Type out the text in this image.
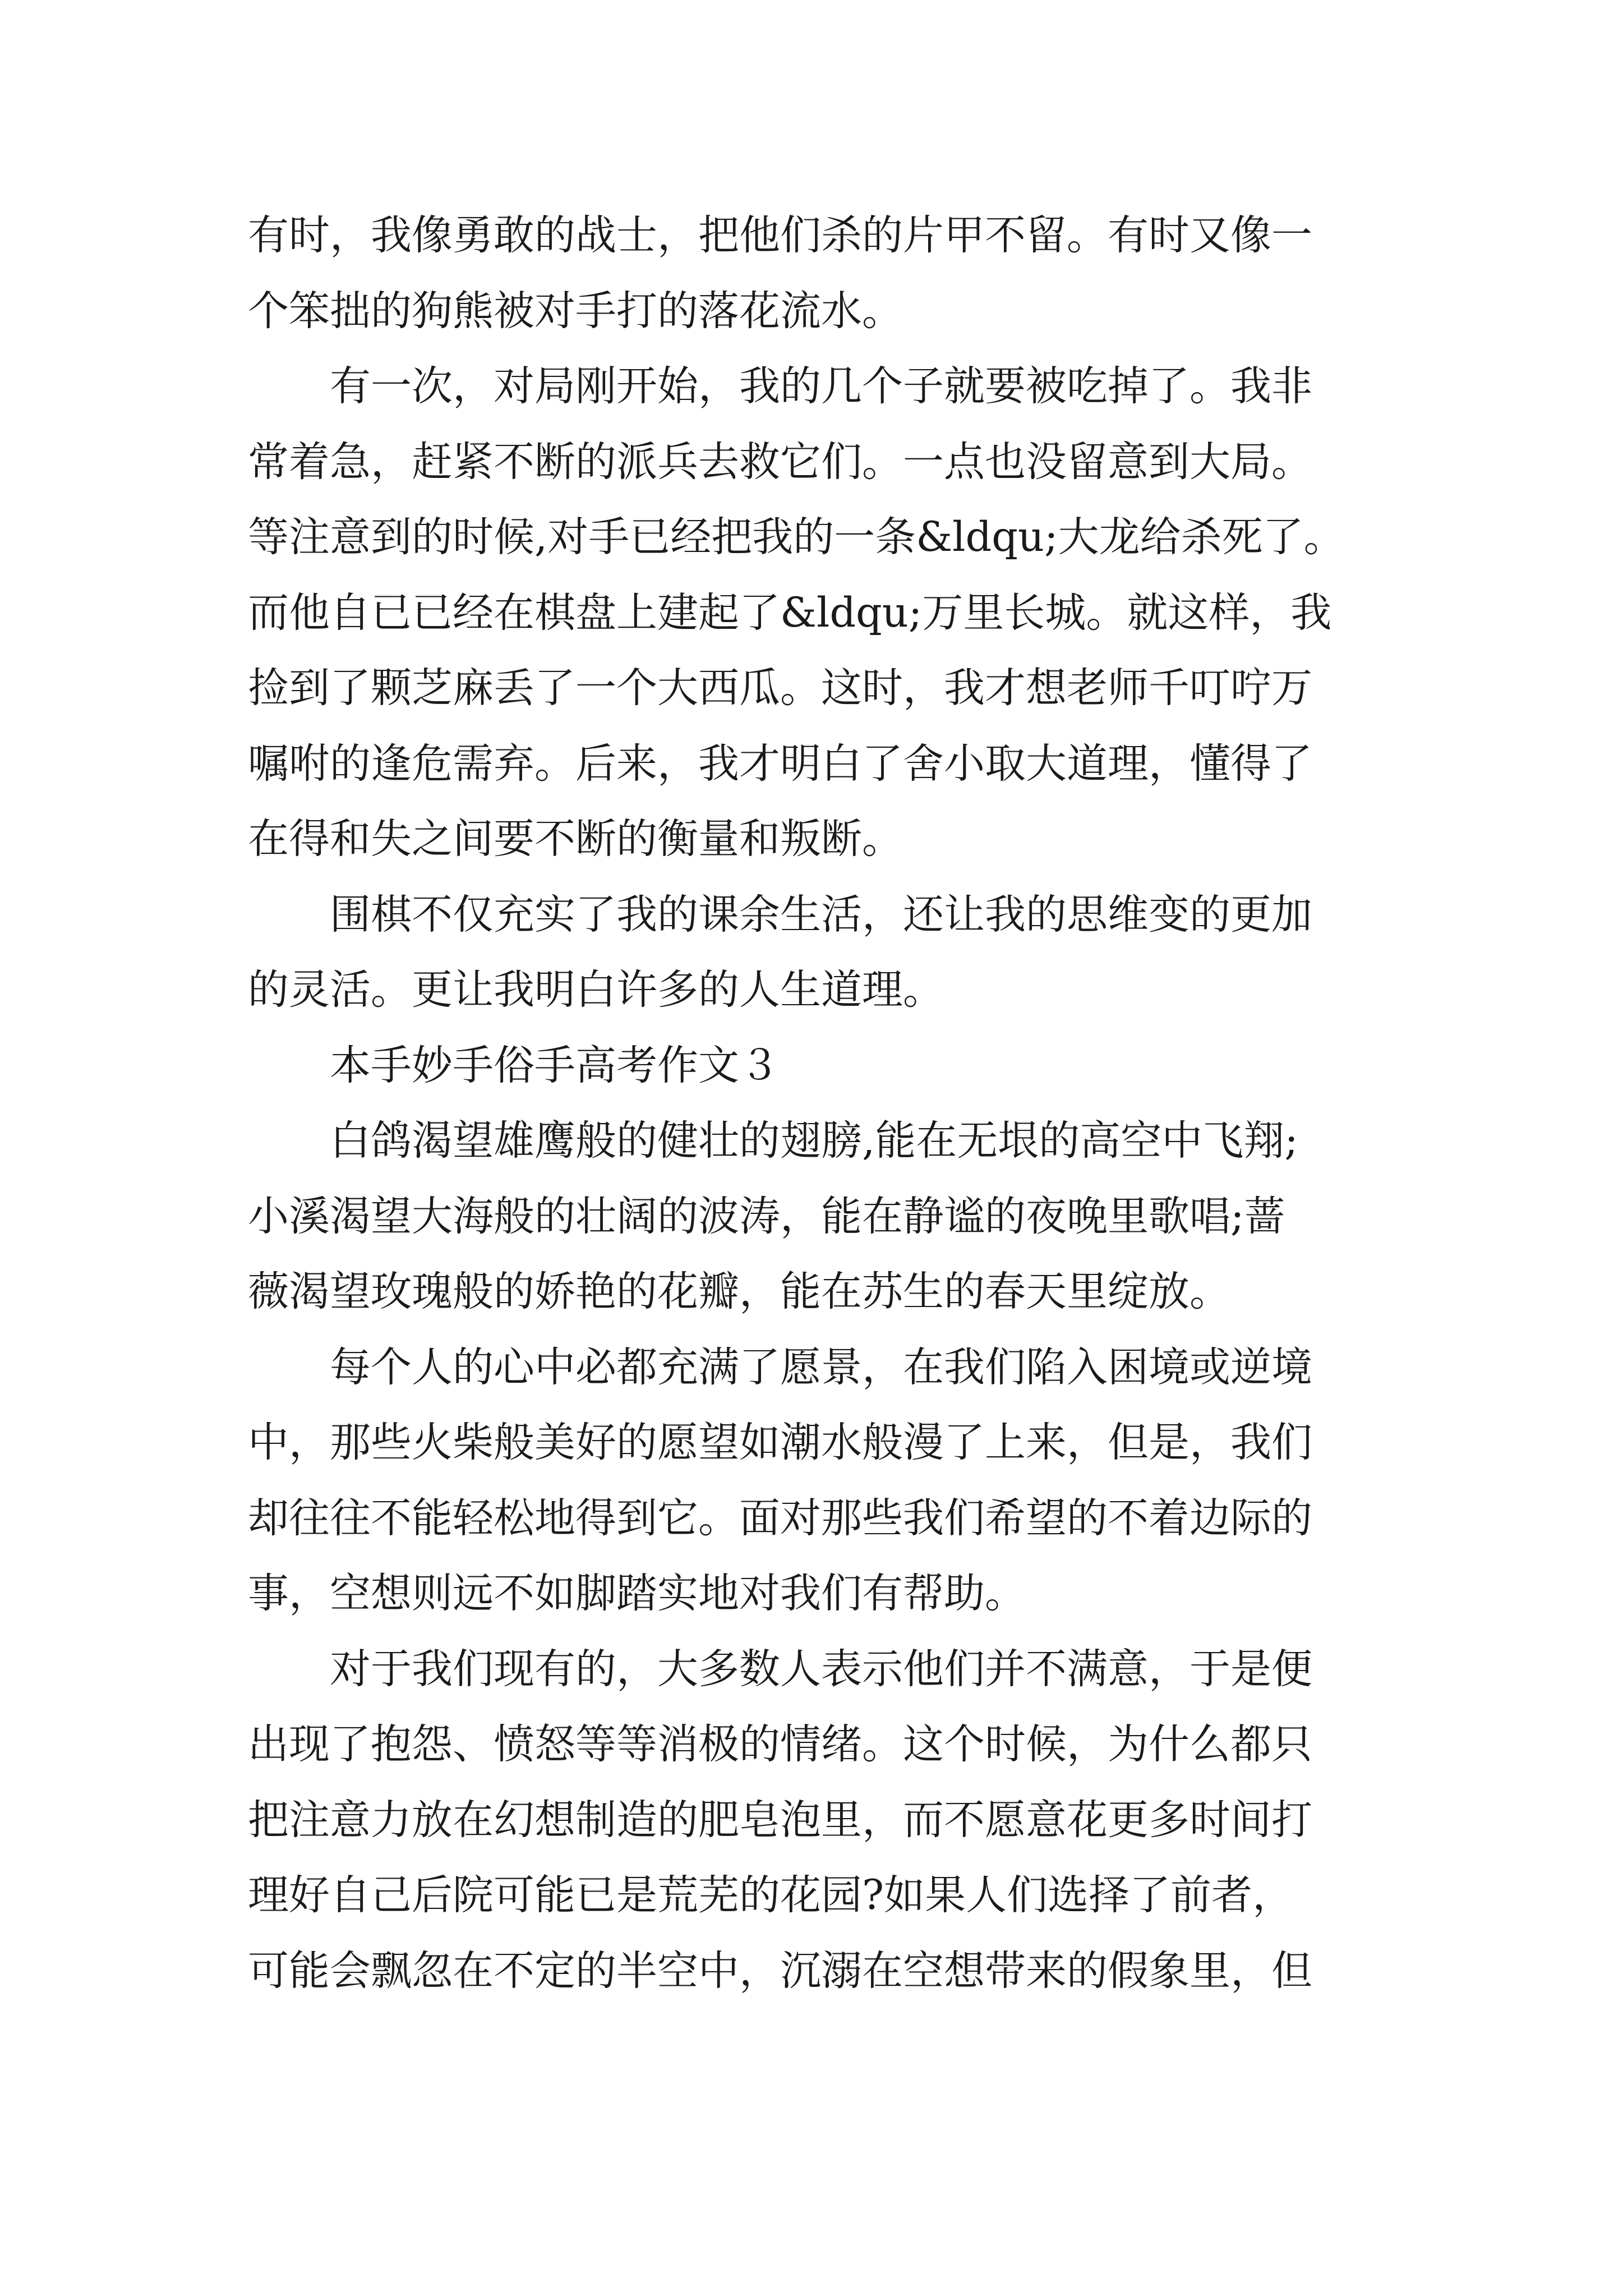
有时，我像勇敢的战士，把他们杀的片甲不留。有时又像一
个笨拙的狗熊被对手打的落花流水。
有一次，对局刚开始，我的几个子就要被吃掉了。我非
常着急，赶紧不断的派兵去救它们。一点也没留意到大局。
等注意到的时候,对手已经把我的一条&ldqu;大龙给杀死了。
而他自已已经在棋盘上建起了&ldqu;万里长城。就这样，我
捡到了颗芝麻丢了一个大西瓜。这时，我才想老师千叮咛万
嘱咐的逢危需弃。后来，我才明白了舍小取大道理，懂得了
在得和失之间要不断的衡量和叛断。
围棋不仅充实了我的课余生活，还让我的思维变的更加
的灵活。更让我明白许多的人生道理。
本手妙手俗手高考作文３
白鸽渴望雄鹰般的健壮的翅膀,能在无垠的高空中飞翔;
小溪渴望大海般的壮阔的波涛，能在静谧的夜晚里歌唱;蔷
薇渴望玫瑰般的娇艳的花瓣，能在苏生的春天里绽放。
每个人的心中必都充满了愿景，在我们陷入困境或逆境
中，那些火柴般美好的愿望如潮水般漫了上来，但是，我们
却往往不能轻松地得到它。面对那些我们希望的不着边际的
事，空想则远不如脚踏实地对我们有帮助。
对于我们现有的，大多数人表示他们并不满意，于是便
出现了抱怨、愤怒等等消极的情绪。这个时候，为什么都只
把注意力放在幻想制造的肥皂泡里，而不愿意花更多时间打
理好自己后院可能已是荒芜的花园?如果人们选择了前者，
可能会飘忽在不定的半空中，沉溺在空想带来的假象里，但
